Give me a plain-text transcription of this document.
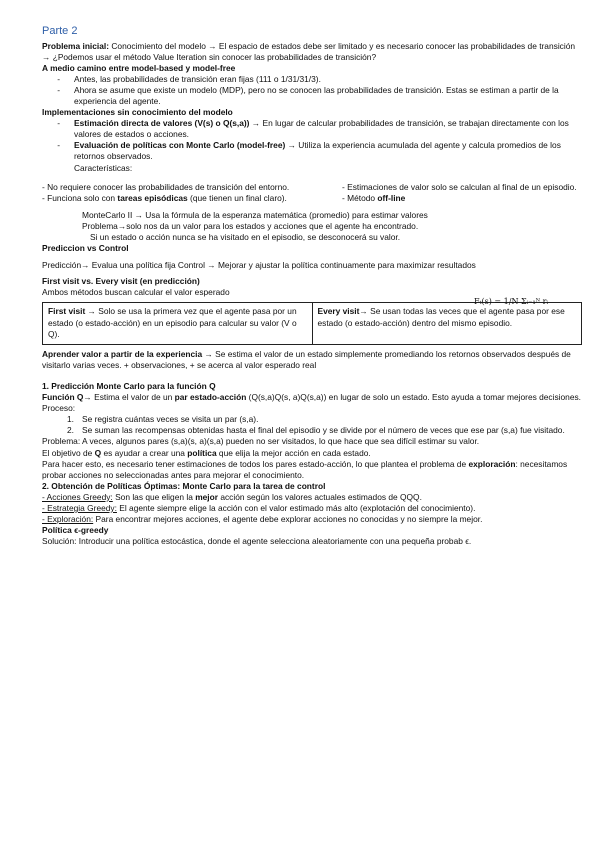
Parte 2

Problema inicial: Conocimiento del modelo → El espacio de estados debe ser limitado y es necesario conocer las probabilidades de transición → ¿Podemos usar el método Value Iteration sin conocer las probabilidades de transición?

A medio camino entre model-based y model-free

-	Antes, las probabilidades de transición eran fijas (111 o 1/31/31/3).
-	Ahora se asume que existe un modelo (MDP), pero no se conocen las probabilidades de transición. Estas se estiman a partir de la experiencia del agente.

Implementaciones sin conocimiento del modelo

-	Estimación directa de valores (V(s) o Q(s,a)) → En lugar de calcular probabilidades de transición, se trabajan directamente con los valores de estados o acciones.
-	Evaluación de políticas con Monte Carlo (model-free) → Utiliza la experiencia acumulada del agente y calcula promedios de los retornos observados.
Características:

- No requiere conocer las probabilidades de transición del entorno.

- Funciona solo con tareas episódicas (que tienen un final claro).

- Estimaciones de valor solo se calculan al final de un episodio.

- Método off-line

MonteCarlo II → Usa la fórmula de la esperanza matemática (promedio) para estimar valores

Problema→solo nos da un valor para los estados y acciones que el agente ha encontrado.

Si un estado o acción nunca se ha visitado en el episodio, se desconocerá su valor.

Prediccion vs Control

Predicción→ Evalua una política fija Control → Mejorar y ajustar la política continuamente para maximizar resultados

First visit vs. Every visit (en predicción)

Ambos métodos buscan calcular el valor esperado

First visit → Solo se usa la primera vez que el agente pasa por un estado (o estado-acción) en un episodio para calcular su valor (V o Q).
Every visit→ Se usan todas las veces que el agente pasa por ese estado (o estado-acción) dentro del mismo episodio.

Aprender valor a partir de la experiencia → Se estima el valor de un estado simplemente promediando los retornos observados después de visitarlo varias veces. + observaciones, + se acerca al valor esperado real

1. Predicción Monte Carlo para la función Q

Función Q→ Estima el valor de un par estado-acción (Q(s,a)Q(s, a)Q(s,a)) en lugar de solo un estado. Esto ayuda a tomar mejores decisiones.

Proceso:

1. Se registra cuántas veces se visita un par (s,a).
2. Se suman las recompensas obtenidas hasta el final del episodio y se divide por el número de veces que ese par (s,a) fue visitado.

Problema: A veces, algunos pares (s,a)(s, a)(s,a) pueden no ser visitados, lo que hace que sea difícil estimar su valor.

El objetivo de Q es ayudar a crear una política que elija la mejor acción en cada estado.

Para hacer esto, es necesario tener estimaciones de todos los pares estado-acción, lo que plantea el problema de exploración: necesitamos probar acciones no seleccionadas antes para mejorar el conocimiento.

2. Obtención de Políticas Óptimas: Monte Carlo para la tarea de control

- Acciones Greedy: Son las que eligen la mejor acción según los valores actuales estimados de QQQ.

- Estrategia Greedy: El agente siempre elige la acción con el valor estimado más alto (explotación del conocimiento).

- Exploración: Para encontrar mejores acciones, el agente debe explorar acciones no conocidas y no siempre la mejor.

Política ϵ-greedy

Solución: Introducir una política estocástica, donde el agente selecciona aleatoriamente con una pequeña probab ϵ.

Fₜ(s) = 1/N Σᵢ₌₁ᴺ rᵢ
